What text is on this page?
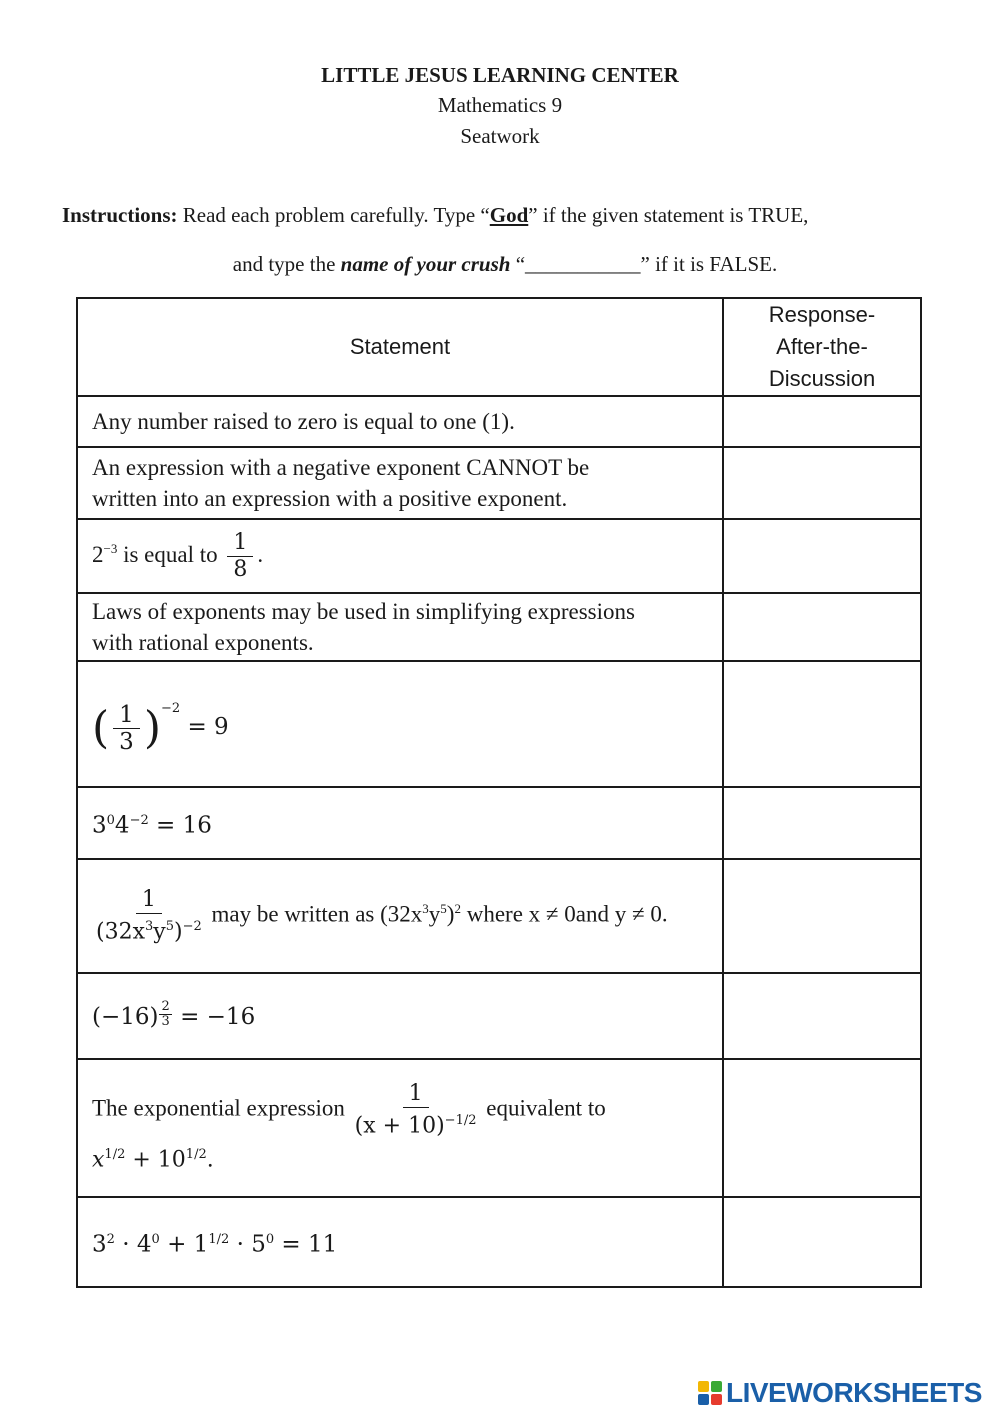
LITTLE JESUS LEARNING CENTER
Mathematics 9
Seatwork
Instructions: Read each problem carefully. Type “God” if the given statement is TRUE,
and type the name of your crush “___________” if it is FALSE.
Statement	Response-
After-the-
Discussion

Any number raised to zero is equal to one (1).	

An expression with a negative exponent CANNOT be
written into an expression with a positive exponent.	

$2^{-3}$ is equal to $\frac{1}{8}$ .	

Laws of exponents may be used in simplifying expressions
with rational exponents.	

( $\frac{1}{3} )^{-2} = 9$	
$3^04^{-2} = 16$	

$\frac{1}{(32x^3y^5)^{-2}}$ may be written as $(32x^3y^5)^2$ where x ≠ 0and y ≠ 0.	
$(-16) \frac{2}{3} = -16$	

The exponential expression $\frac{1}{(x + 10)^{-1/2}}$ equivalent to
$x^{1/2} + 10^{1/2}$.	

$3^2 \cdot 4^0 + 1^{1/2} \cdot 5^0 = 11$	
LIVEWORKSHEETS
